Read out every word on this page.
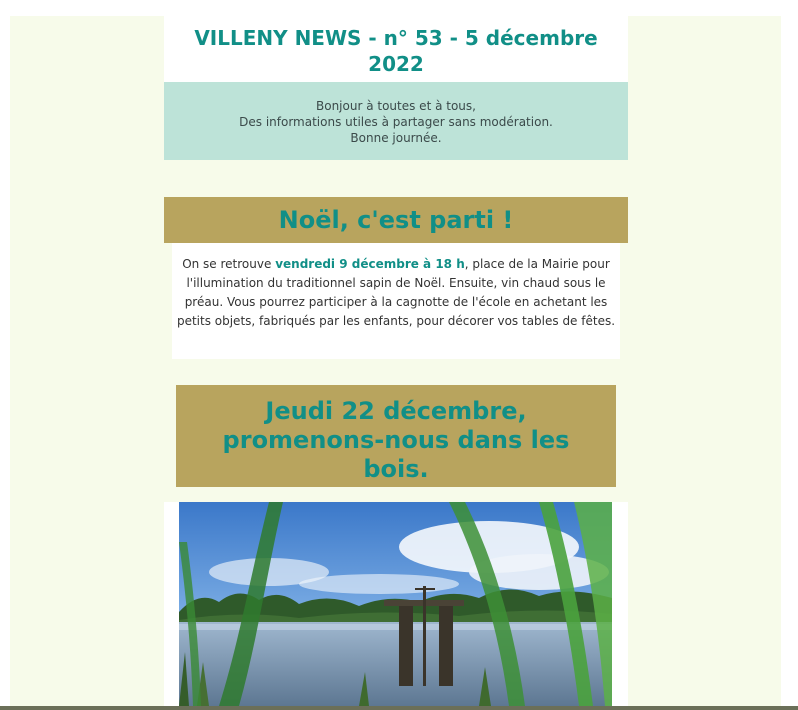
VILLENY NEWS - n° 53 - 5 décembre 2022

Bonjour à toutes et à tous,

Des informations utiles à partager sans modération.

Bonne journée.

Noël, c'est parti !
On se retrouve vendredi 9 décembre à 18 h, place de la Mairie pour l'illumination du traditionnel sapin de Noël. Ensuite, vin chaud sous le préau. Vous pourrez participer à la cagnotte de l'école en achetant les petits objets, fabriqués par les enfants, pour décorer vos tables de fêtes.
Jeudi 22 décembre, promenons-nous dans les bois.
